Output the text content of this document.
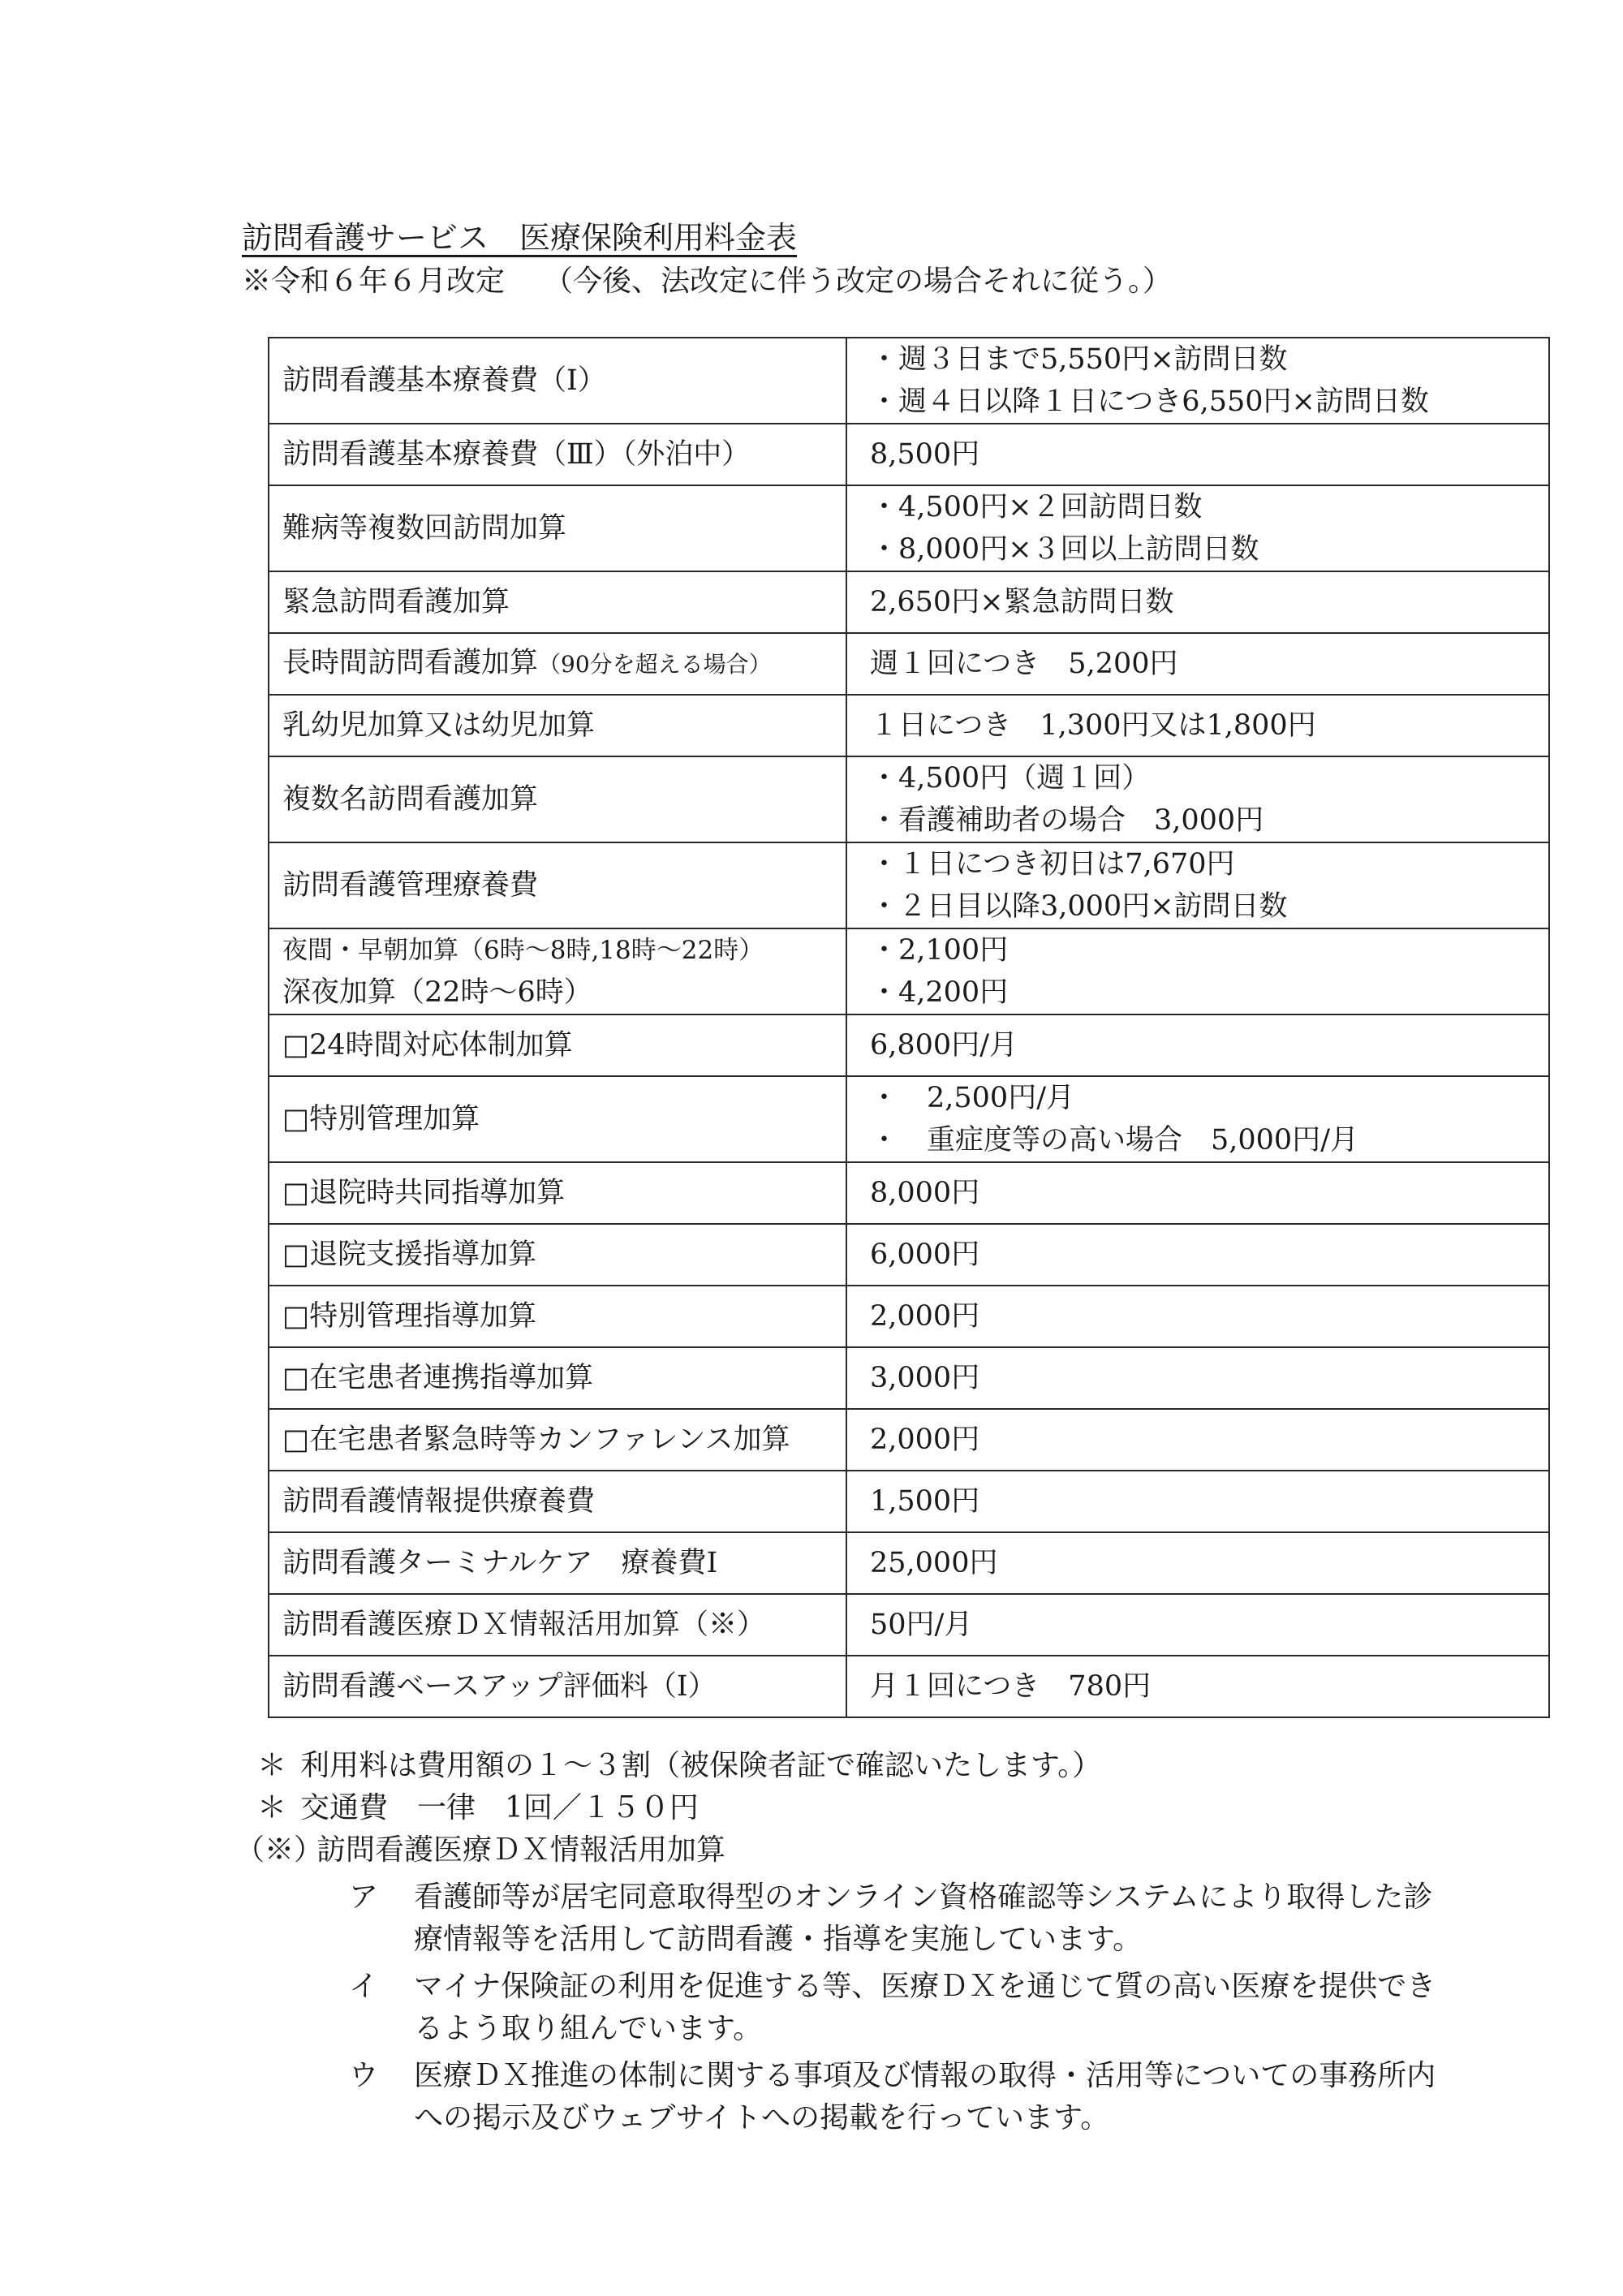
訪問看護サービス　医療保険利用料金表
※令和６年６月改定 （今後、法改定に伴う改定の場合それに従う。）
訪問看護基本療養費（Ⅰ）	・週３日まで5,550円×訪問日数
・週４日以降１日につき6,550円×訪問日数

訪問看護基本療養費（Ⅲ）（外泊中）	8,500円

難病等複数回訪問加算	・4,500円×２回訪問日数
・8,000円×３回以上訪問日数

緊急訪問看護加算	2,650円×緊急訪問日数

長時間訪問看護加算（90分を超える場合）	週１回につき　5,200円

乳幼児加算又は幼児加算	１日につき　1,300円又は1,800円

複数名訪問看護加算	・4,500円（週１回）
・看護補助者の場合　3,000円

訪問看護管理療養費	・１日につき初日は7,670円
・２日目以降3,000円×訪問日数

夜間・早朝加算（6時～8時,18時～22時）
深夜加算（22時～6時）	・2,100円
・4,200円

□24時間対応体制加算	6,800円/月

□特別管理加算	・　2,500円/月
・　重症度等の高い場合　5,000円/月

□退院時共同指導加算	8,000円

□退院支援指導加算	6,000円

□特別管理指導加算	2,000円

□在宅患者連携指導加算	3,000円

□在宅患者緊急時等カンファレンス加算	2,000円

訪問看護情報提供療養費	1,500円

訪問看護ターミナルケア　療養費Ⅰ	25,000円

訪問看護医療ＤＸ情報活用加算（※）	50円/月

訪問看護ベースアップ評価料（Ⅰ）	月１回につき　780円
＊ 利用料は費用額の１～３割（被保険者証で確認いたします。）
＊ 交通費　一律　1回／１５０円
（※）
訪問看護医療ＤＸ情報活用加算
ア	看護師等が居宅同意取得型のオンライン資格確認等システムにより取得した診療情報等を活用して訪問看護・指導を実施しています。
イ	マイナ保険証の利用を促進する等、医療ＤＸを通じて質の高い医療を提供できるよう取り組んでいます。
ウ	医療ＤＸ推進の体制に関する事項及び情報の取得・活用等についての事務所内への掲示及びウェブサイトへの掲載を行っています。
